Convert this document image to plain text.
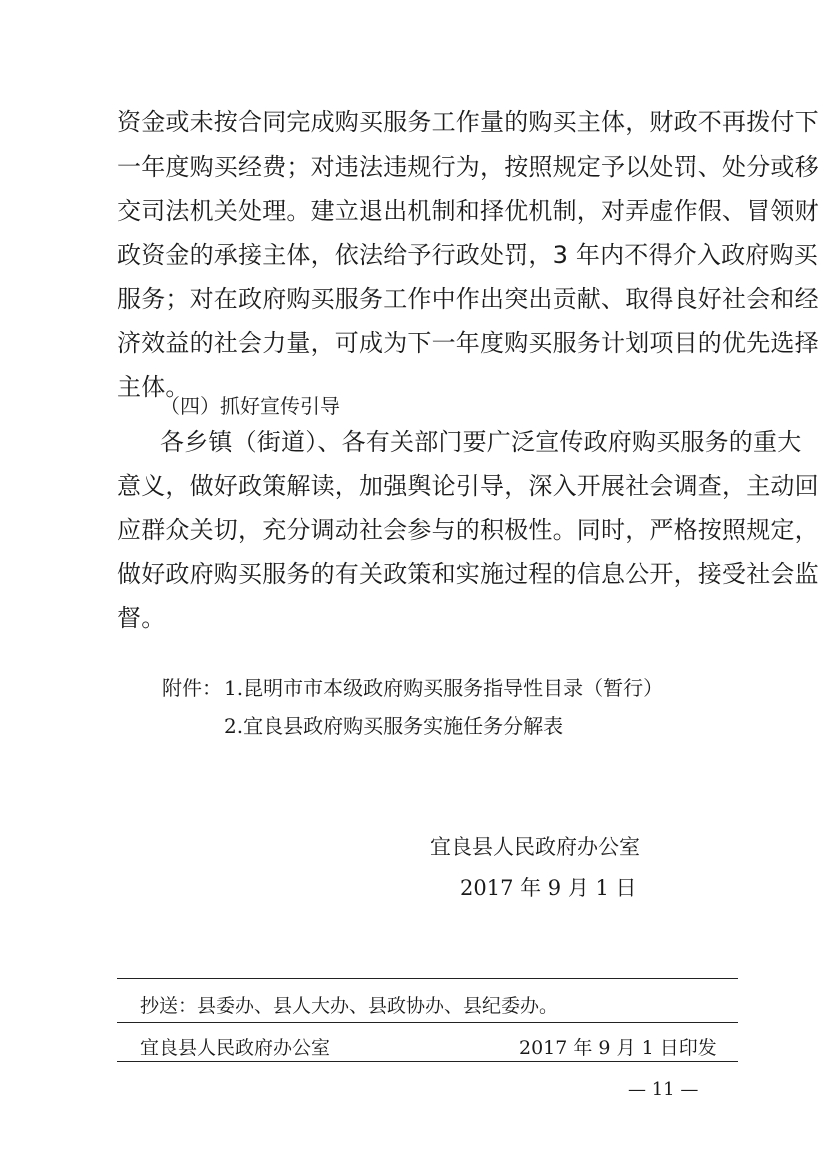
资金或未按合同完成购买服务工作量的购买主体，财政不再拨付下
一年度购买经费；对违法违规行为，按照规定予以处罚、处分或移
交司法机关处理。建立退出机制和择优机制，对弄虚作假、冒领财
政资金的承接主体，依法给予行政处罚，3 年内不得介入政府购买
服务；对在政府购买服务工作中作出突出贡献、取得良好社会和经
济效益的社会力量，可成为下一年度购买服务计划项目的优先选择
主体。
（四）抓好宣传引导
各乡镇（街道）、各有关部门要广泛宣传政府购买服务的重大
意义，做好政策解读，加强舆论引导，深入开展社会调查，主动回
应群众关切，充分调动社会参与的积极性。同时，严格按照规定，
做好政府购买服务的有关政策和实施过程的信息公开，接受社会监
督。
附件： 1.昆明市市本级政府购买服务指导性目录（暂行）
2.宜良县政府购买服务实施任务分解表
宜良县人民政府办公室
2017 年 9 月 1 日
抄送：县委办、县人大办、县政协办、县纪委办。
宜良县人民政府办公室	2017 年 9 月 1 日印发
— 11 —
